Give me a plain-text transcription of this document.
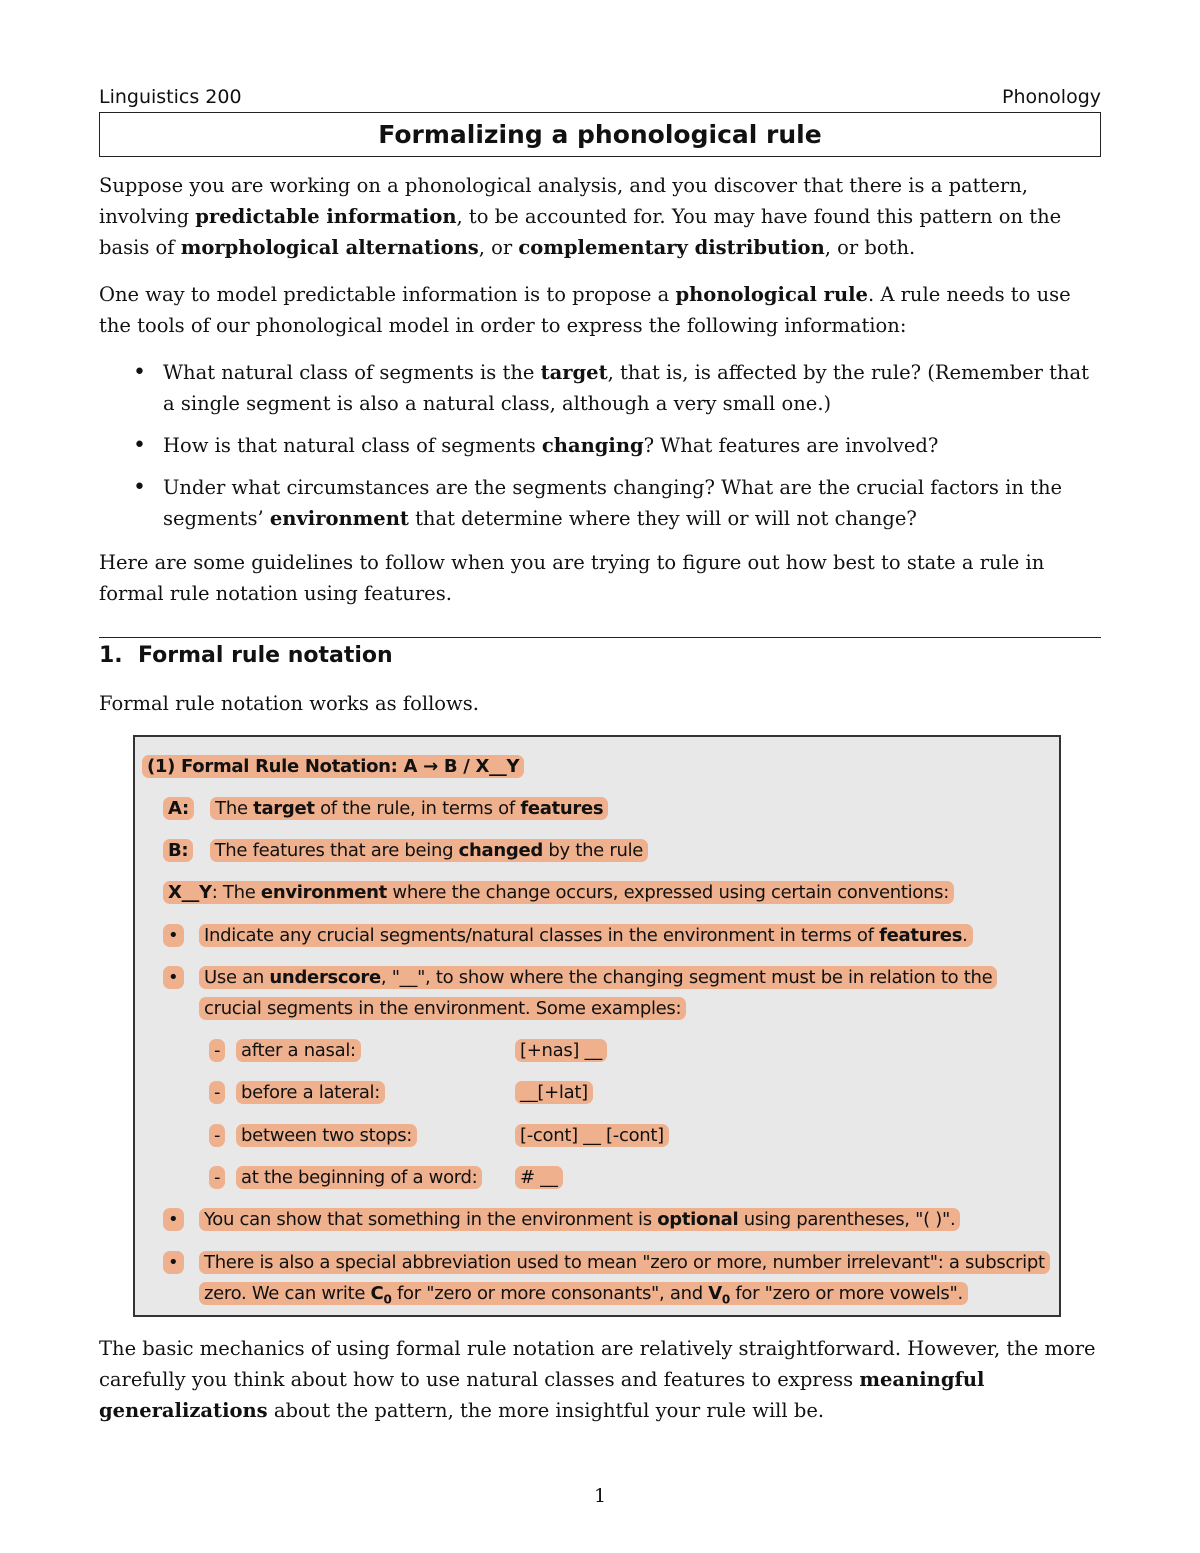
Linguistics 200	Phonology
Formalizing a phonological rule

Suppose you are working on a phonological analysis, and you discover that there is a pattern, involving predictable information, to be accounted for. You may have found this pattern on the basis of morphological alternations, or complementary distribution, or both.

One way to model predictable information is to propose a phonological rule. A rule needs to use the tools of our phonological model in order to express the following information:

• What natural class of segments is the target, that is, is affected by the rule? (Remember that a single segment is also a natural class, although a very small one.)
• How is that natural class of segments changing? What features are involved?
• Under what circumstances are the segments changing? What are the crucial factors in the segments’ environment that determine where they will or will not change?

Here are some guidelines to follow when you are trying to figure out how best to state a rule in formal rule notation using features.

1. Formal rule notation

Formal rule notation works as follows.

(1) Formal Rule Notation: A → B / X__Y
A: The target of the rule, in terms of features
B: The features that are being changed by the rule
X__Y: The environment where the change occurs, expressed using certain conventions:
• Indicate any crucial segments/natural classes in the environment in terms of features.
• Use an underscore, "__", to show where the changing segment must be in relation to the
crucial segments in the environment. Some examples:
- after a nasal:	[+nas] __
- before a lateral:	__[+lat]
- between two stops:	[-cont] __ [-cont]
- at the beginning of a word: # __
• You can show that something in the environment is optional using parentheses, "( )".
• There is also a special abbreviation used to mean "zero or more, number irrelevant": a subscript
zero. We can write $C_0$ for "zero or more consonants", and $V_0$ for "zero or more vowels".

The basic mechanics of using formal rule notation are relatively straightforward. However, the more carefully you think about how to use natural classes and features to express meaningful generalizations about the pattern, the more insightful your rule will be.

1
